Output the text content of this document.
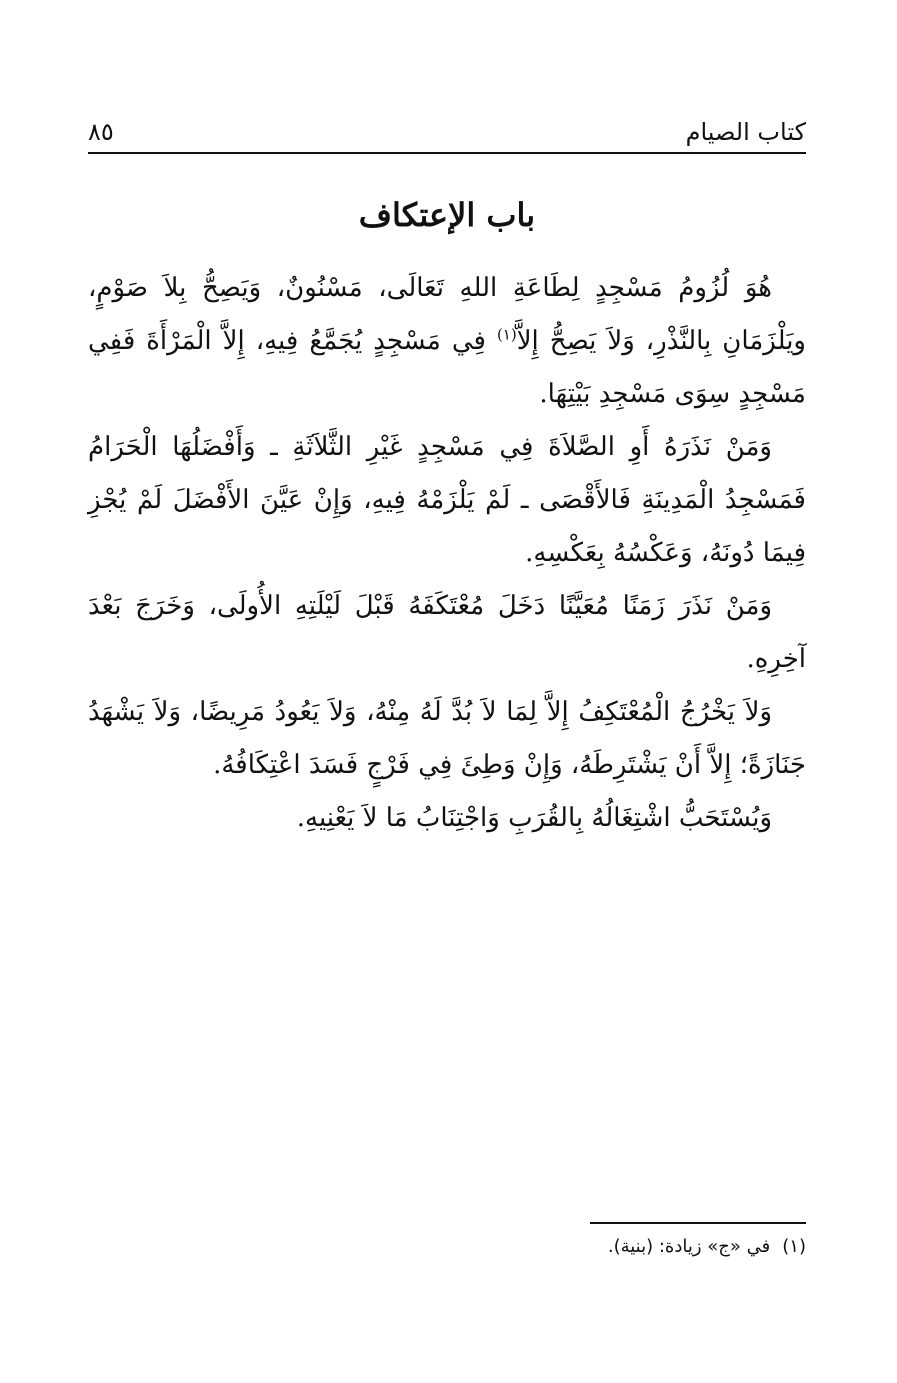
كتاب الصيام
٨٥
باب الإعتكاف

هُوَ لُزُومُ مَسْجِدٍ لِطَاعَةِ اللهِ تَعَالَى، مَسْنُونٌ، وَيَصِحُّ بِلاَ صَوْمٍ، ويَلْزَمَانِ بِالنَّذْرِ، وَلاَ يَصِحُّ إِلاَّ$^{(١)}$ فِي مَسْجِدٍ يُجَمَّعُ فِيهِ، إِلاَّ الْمَرْأَةَ فَفِي مَسْجِدٍ سِوَى مَسْجِدِ بَيْتِهَا.

وَمَنْ نَذَرَهُ أَوِ الصَّلاَةَ فِي مَسْجِدٍ غَيْرِ الثَّلاَثَةِ ـ وَأَفْضَلُهَا الْحَرَامُ فَمَسْجِدُ الْمَدِينَةِ فَالأَقْصَى ـ لَمْ يَلْزَمْهُ فِيهِ، وَإِنْ عَيَّنَ الأَفْضَلَ لَمْ يُجْزِ فِيمَا دُونَهُ، وَعَكْسُهُ بِعَكْسِهِ.

وَمَنْ نَذَرَ زَمَنًا مُعَيَّنًا دَخَلَ مُعْتَكَفَهُ قَبْلَ لَيْلَتِهِ الأُولَى، وَخَرَجَ بَعْدَ آخِرِهِ.

وَلاَ يَخْرُجُ الْمُعْتَكِفُ إِلاَّ لِمَا لاَ بُدَّ لَهُ مِنْهُ، وَلاَ يَعُودُ مَرِيضًا، وَلاَ يَشْهَدُ جَنَازَةً؛ إِلاَّ أَنْ يَشْتَرِطَهُ، وَإِنْ وَطِئَ فِي فَرْجٍ فَسَدَ اعْتِكَافُهُ.

وَيُسْتَحَبُّ اشْتِغَالُهُ بِالقُرَبِ وَاجْتِنَابُ مَا لاَ يَعْنِيهِ.

(١)في «ج» زيادة: (بنية).
